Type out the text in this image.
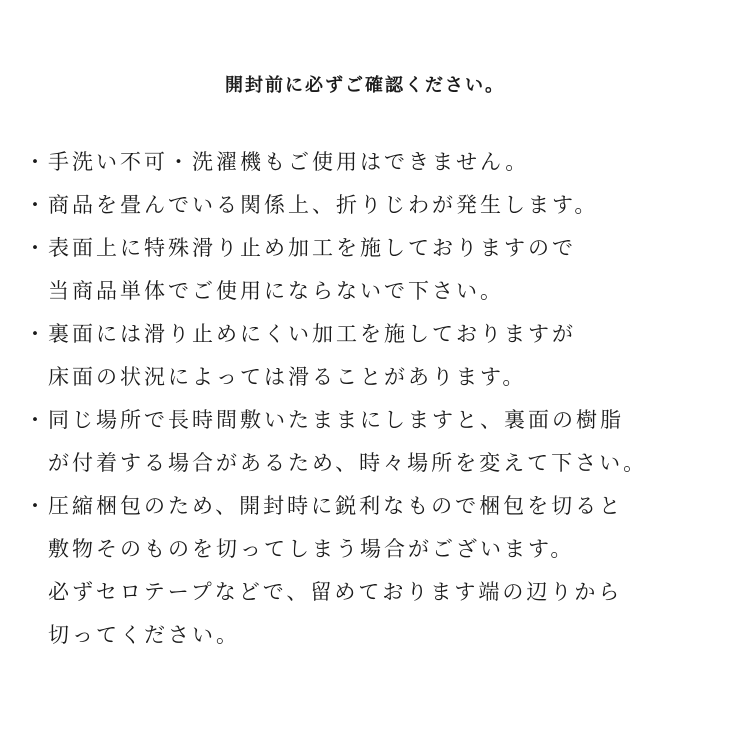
開封前に必ずご確認ください。
・ 手洗い不可・洗濯機もご使用はできません。
・ 商品を畳んでいる関係上、折りじわが発生します。
・ 表面上に特殊滑り止め加工を施しておりますので
当商品単体でご使用にならないで下さい。
・ 裏面には滑り止めにくい加工を施しておりますが
床面の状況によっては滑ることがあります。
・ 同じ場所で長時間敷いたままにしますと、裏面の樹脂
が付着する場合があるため、時々場所を変えて下さい。
・ 圧縮梱包のため、開封時に鋭利なもので梱包を切ると
敷物そのものを切ってしまう場合がございます。
必ずセロテープなどで、留めております端の辺りから
切ってください。
